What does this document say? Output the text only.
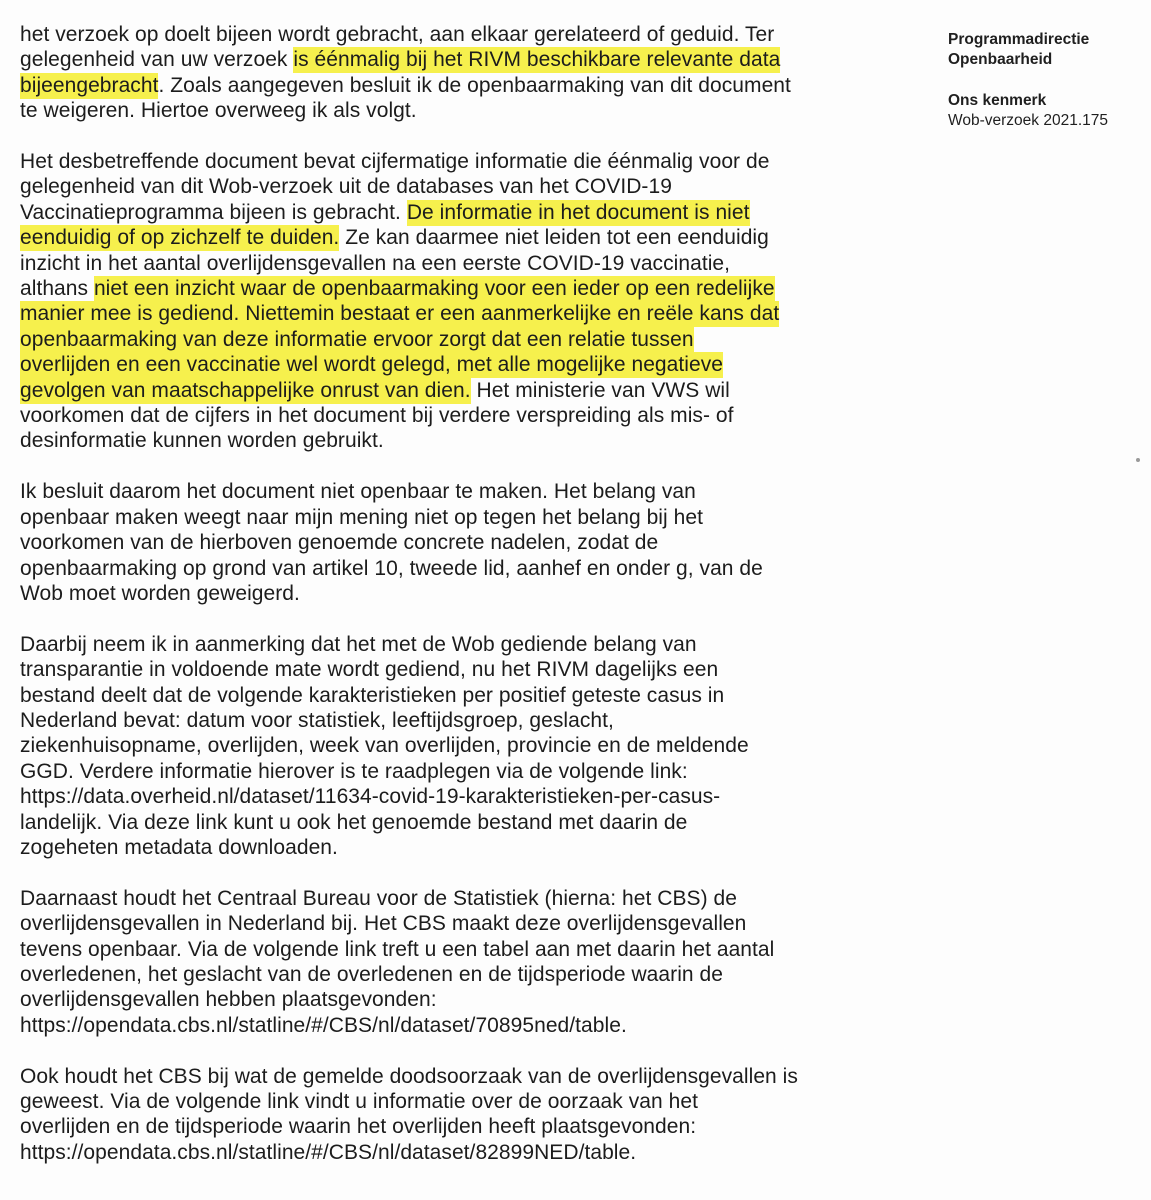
het verzoek op doelt bijeen wordt gebracht, aan elkaar gerelateerd of geduid. Ter
gelegenheid van uw verzoek is éénmalig bij het RIVM beschikbare relevante data
bijeengebracht. Zoals aangegeven besluit ik de openbaarmaking van dit document
te weigeren. Hiertoe overweeg ik als volgt.
Het desbetreffende document bevat cijfermatige informatie die éénmalig voor de
gelegenheid van dit Wob-verzoek uit de databases van het COVID-19
Vaccinatieprogramma bijeen is gebracht. De informatie in het document is niet
eenduidig of op zichzelf te duiden. Ze kan daarmee niet leiden tot een eenduidig
inzicht in het aantal overlijdensgevallen na een eerste COVID-19 vaccinatie,
althans niet een inzicht waar de openbaarmaking voor een ieder op een redelijke
manier mee is gediend. Niettemin bestaat er een aanmerkelijke en reële kans dat
openbaarmaking van deze informatie ervoor zorgt dat een relatie tussen
overlijden en een vaccinatie wel wordt gelegd, met alle mogelijke negatieve
gevolgen van maatschappelijke onrust van dien. Het ministerie van VWS wil
voorkomen dat de cijfers in het document bij verdere verspreiding als mis- of
desinformatie kunnen worden gebruikt.
Ik besluit daarom het document niet openbaar te maken. Het belang van
openbaar maken weegt naar mijn mening niet op tegen het belang bij het
voorkomen van de hierboven genoemde concrete nadelen, zodat de
openbaarmaking op grond van artikel 10, tweede lid, aanhef en onder g, van de
Wob moet worden geweigerd.
Daarbij neem ik in aanmerking dat het met de Wob gediende belang van
transparantie in voldoende mate wordt gediend, nu het RIVM dagelijks een
bestand deelt dat de volgende karakteristieken per positief geteste casus in
Nederland bevat: datum voor statistiek, leeftijdsgroep, geslacht,
ziekenhuisopname, overlijden, week van overlijden, provincie en de meldende
GGD. Verdere informatie hierover is te raadplegen via de volgende link:
https://data.overheid.nl/dataset/11634-covid-19-karakteristieken-per-casus-
landelijk. Via deze link kunt u ook het genoemde bestand met daarin de
zogeheten metadata downloaden.
Daarnaast houdt het Centraal Bureau voor de Statistiek (hierna: het CBS) de
overlijdensgevallen in Nederland bij. Het CBS maakt deze overlijdensgevallen
tevens openbaar. Via de volgende link treft u een tabel aan met daarin het aantal
overledenen, het geslacht van de overledenen en de tijdsperiode waarin de
overlijdensgevallen hebben plaatsgevonden:
https://opendata.cbs.nl/statline/#/CBS/nl/dataset/70895ned/table.
Ook houdt het CBS bij wat de gemelde doodsoorzaak van de overlijdensgevallen is
geweest. Via de volgende link vindt u informatie over de oorzaak van het
overlijden en de tijdsperiode waarin het overlijden heeft plaatsgevonden:
https://opendata.cbs.nl/statline/#/CBS/nl/dataset/82899NED/table.
Programmadirectie
Openbaarheid
Ons kenmerk
Wob-verzoek 2021.175
